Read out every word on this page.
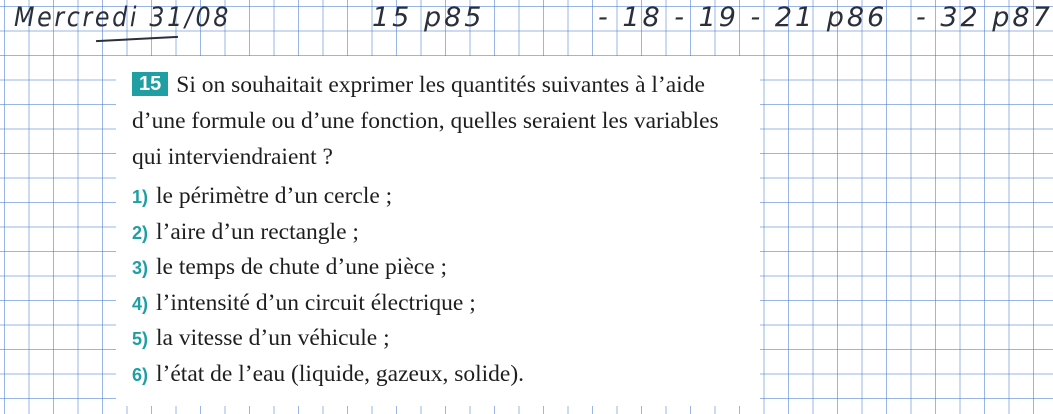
Mercredi 31/08	15 p85	- 18 - 19 - 21 p86 - 32 p87

15 Si on souhaitait exprimer les quantités suivantes à l’aide d’une formule ou d’une fonction, quelles seraient les variables qui interviendraient ?

1) le périmètre d’un cercle ;
2) l’aire d’un rectangle ;
3) le temps de chute d’une pièce ;
4) l’intensité d’un circuit électrique ;
5) la vitesse d’un véhicule ;
6) l’état de l’eau (liquide, gazeux, solide).
